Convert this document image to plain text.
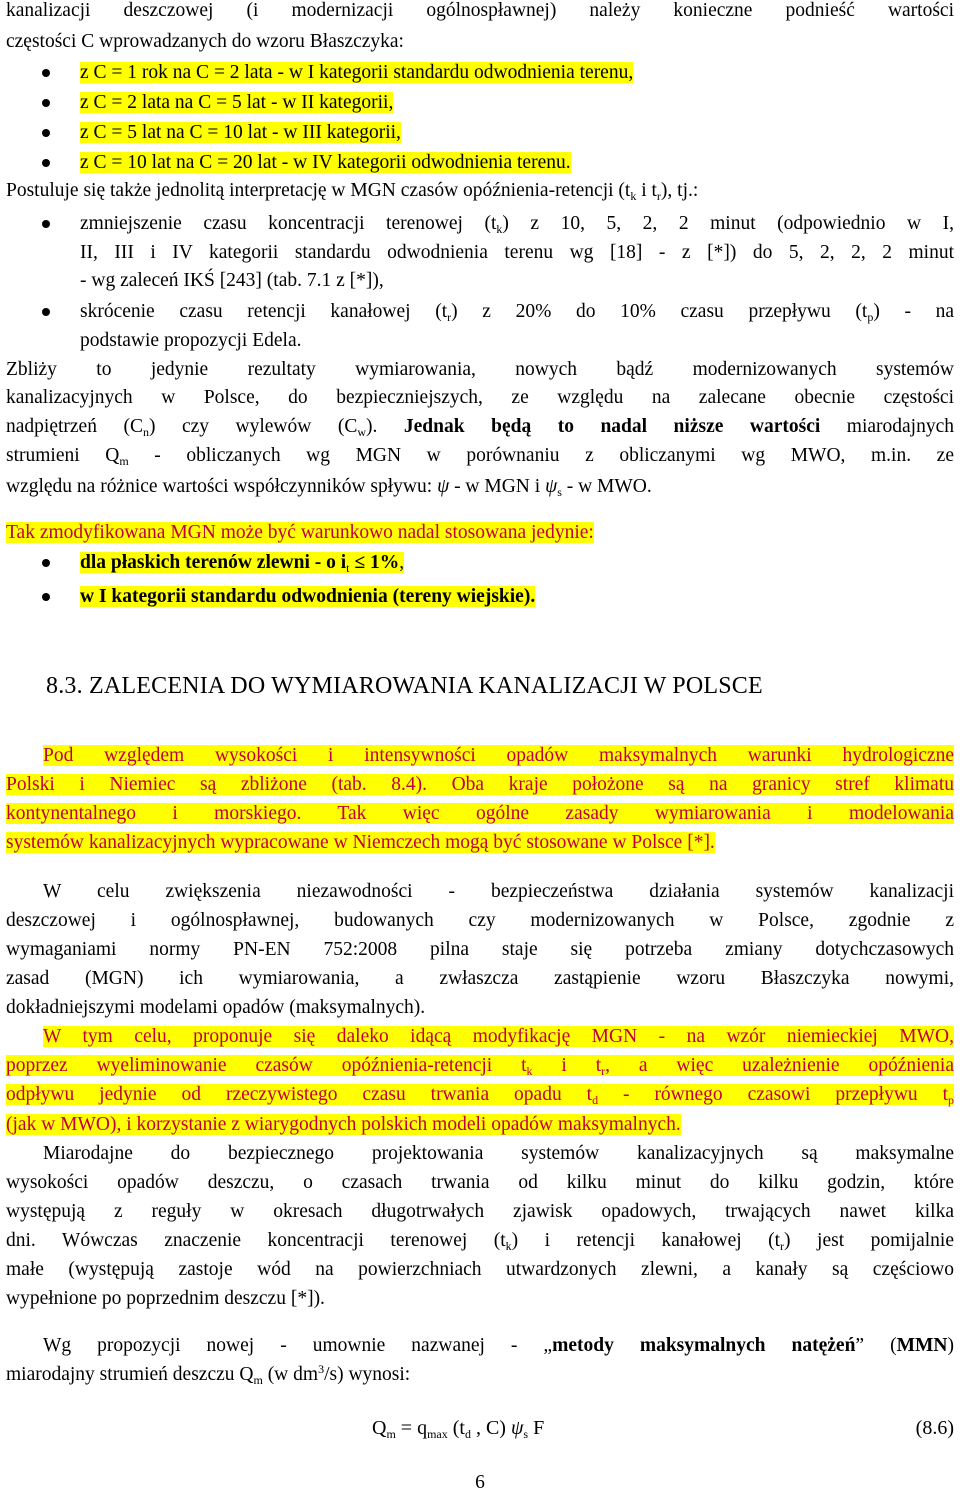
kanalizacji deszczowej (i modernizacji ogólnospławnej) należy konieczne podnieść wartości
częstości C wprowadzanych do wzoru Błaszczyka:
z C = 1 rok na C = 2 lata - w I kategorii standardu odwodnienia terenu,
z C = 2 lata na C = 5 lat - w II kategorii,
z C = 5 lat na C = 10 lat - w III kategorii,
z C = 10 lat na C = 20 lat - w IV kategorii odwodnienia terenu.
Postuluje się także jednolitą interpretację w MGN czasów opóźnienia-retencji ($t_k$ i $t_r$), tj.:
zmniejszenie czasu koncentracji terenowej $(t_k)$ z 10, 5, 2, 2 minut (odpowiednio w I,
II, III i IV kategorii standardu odwodnienia terenu wg [18] - z [*]) do 5, 2, 2, 2 minut
- wg zaleceń IKŚ [243] (tab. 7.1 z [*]),
skrócenie czasu retencji kanałowej $(t_r)$ z 20% do 10% czasu przepływu $(t_p)$ - na
podstawie propozycji Edela.
Zbliży to jedynie rezultaty wymiarowania, nowych bądź modernizowanych systemów
kanalizacyjnych w Polsce, do bezpieczniejszych, ze względu na zalecane obecnie częstości
nadpiętrzeń $(C_n)$ czy wylewów $(C_w)$. Jednak będą to nadal niższe wartości miarodajnych
strumieni $Q_m$ - obliczanych wg MGN w porównaniu z obliczanymi wg MWO, m.in. ze
względu na różnice wartości współczynników spływu: ψ - w MGN i $\psi_s$ - w MWO.
Tak zmodyfikowana MGN może być warunkowo nadal stosowana jedynie:
dla płaskich terenów zlewni - o $i_t \le 1\%$,
w I kategorii standardu odwodnienia (tereny wiejskie).
8.3. ZALECENIA DO WYMIAROWANIA KANALIZACJI W POLSCE
Pod względem wysokości i intensywności opadów maksymalnych warunki hydrologiczne
Polski i Niemiec są zbliżone (tab. 8.4). Oba kraje położone są na granicy stref klimatu
kontynentalnego i morskiego. Tak więc ogólne zasady wymiarowania i modelowania
systemów kanalizacyjnych wypracowane w Niemczech mogą być stosowane w Polsce [*].
W celu zwiększenia niezawodności - bezpieczeństwa działania systemów kanalizacji
deszczowej i ogólnospławnej, budowanych czy modernizowanych w Polsce, zgodnie z
wymaganiami normy PN-EN 752:2008 pilna staje się potrzeba zmiany dotychczasowych
zasad (MGN) ich wymiarowania, a zwłaszcza zastąpienie wzoru Błaszczyka nowymi,
dokładniejszymi modelami opadów (maksymalnych).
W tym celu, proponuje się daleko idącą modyfikację MGN - na wzór niemieckiej MWO,
poprzez wyeliminowanie czasów opóźnienia-retencji $t_k$ i $t_r$, a więc uzależnienie opóźnienia
odpływu jedynie od rzeczywistego czasu trwania opadu $t_d$ - równego czasowi przepływu $t_p$
(jak w MWO), i korzystanie z wiarygodnych polskich modeli opadów maksymalnych.
Miarodajne do bezpiecznego projektowania systemów kanalizacyjnych są maksymalne
wysokości opadów deszczu, o czasach trwania od kilku minut do kilku godzin, które
występują z reguły w okresach długotrwałych zjawisk opadowych, trwających nawet kilka
dni. Wówczas znaczenie koncentracji terenowej $(t_k)$ i retencji kanałowej $(t_r)$ jest pomijalnie
małe (występują zastoje wód na powierzchniach utwardzonych zlewni, a kanały są częściowo
wypełnione po poprzednim deszczu [*]).
Wg propozycji nowej - umownie nazwanej - „metody maksymalnych natężeń” (MMN)
miarodajny strumień deszczu $Q_m$ (w $dm^3/s$) wynosi:
$Q_m = q_{max}$ ($t_d$ , C) $\psi_s$ F	(8.6)
6
